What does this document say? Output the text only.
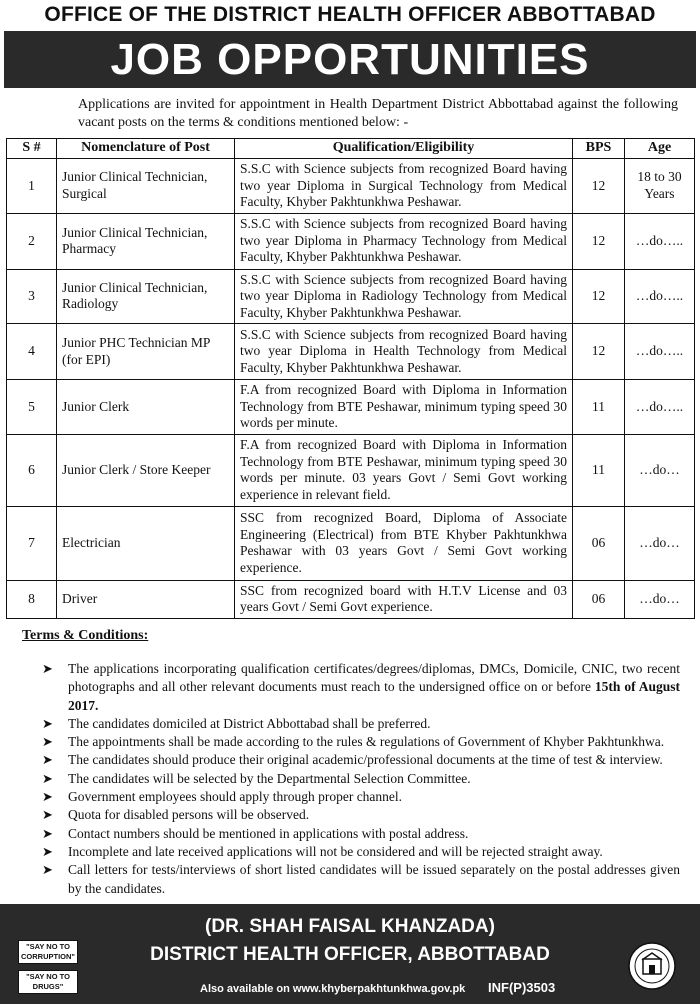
OFFICE OF THE DISTRICT HEALTH OFFICER ABBOTTABAD
JOB OPPORTUNITIES
Applications are invited for appointment in Health Department District Abbottabad against the following vacant posts on the terms & conditions mentioned below: -
S #	Nomenclature of Post	Qualification/Eligibility	BPS	Age
1	Junior Clinical Technician, Surgical	S.S.C with Science subjects from recognized Board having two year Diploma in Surgical Technology from Medical Faculty, Khyber Pakhtunkhwa Peshawar.	12	18 to 30 Years
2	Junior Clinical Technician, Pharmacy	S.S.C with Science subjects from recognized Board having two year Diploma in Pharmacy Technology from Medical Faculty, Khyber Pakhtunkhwa Peshawar.	12	…do…..
3	Junior Clinical Technician, Radiology	S.S.C with Science subjects from recognized Board having two year Diploma in Radiology Technology from Medical Faculty, Khyber Pakhtunkhwa Peshawar.	12	…do…..
4	Junior PHC Technician MP (for EPI)	S.S.C with Science subjects from recognized Board having two year Diploma in Health Technology from Medical Faculty, Khyber Pakhtunkhwa Peshawar.	12	…do…..
5	Junior Clerk	F.A from recognized Board with Diploma in Information Technology from BTE Peshawar, minimum typing speed 30 words per minute.	11	…do…..
6	Junior Clerk / Store Keeper	F.A from recognized Board with Diploma in Information Technology from BTE Peshawar, minimum typing speed 30 words per minute. 03 years Govt / Semi Govt working experience in relevant field.	11	…do…
7	Electrician	SSC from recognized Board, Diploma of Associate Engineering (Electrical) from BTE Khyber Pakhtunkhwa Peshawar with 03 years Govt / Semi Govt working experience.	06	…do…
8	Driver	SSC from recognized board with H.T.V License and 03 years Govt / Semi Govt experience.	06	…do…
Terms & Conditions:
➤ The applications incorporating qualification certificates/degrees/diplomas, DMCs, Domicile, CNIC, two recent photographs and all other relevant documents must reach to the undersigned office on or before 15th of August 2017.
➤ The candidates domiciled at District Abbottabad shall be preferred.
➤ The appointments shall be made according to the rules & regulations of Government of Khyber Pakhtunkhwa.
➤ The candidates should produce their original academic/professional documents at the time of test & interview.
➤ The candidates will be selected by the Departmental Selection Committee.
➤ Government employees should apply through proper channel.
➤ Quota for disabled persons will be observed.
➤ Contact numbers should be mentioned in applications with postal address.
➤ Incomplete and late received applications will not be considered and will be rejected straight away.
➤ Call letters for tests/interviews of short listed candidates will be issued separately on the postal addresses given by the candidates.
(DR. SHAH FAISAL KHANZADA)
DISTRICT HEALTH OFFICER, ABBOTTABAD
"SAY NO TO CORRUPTION"
"SAY NO TO DRUGS"	Also available on www.khyberpakhtunkhwa.gov.pk INF(P)3503
